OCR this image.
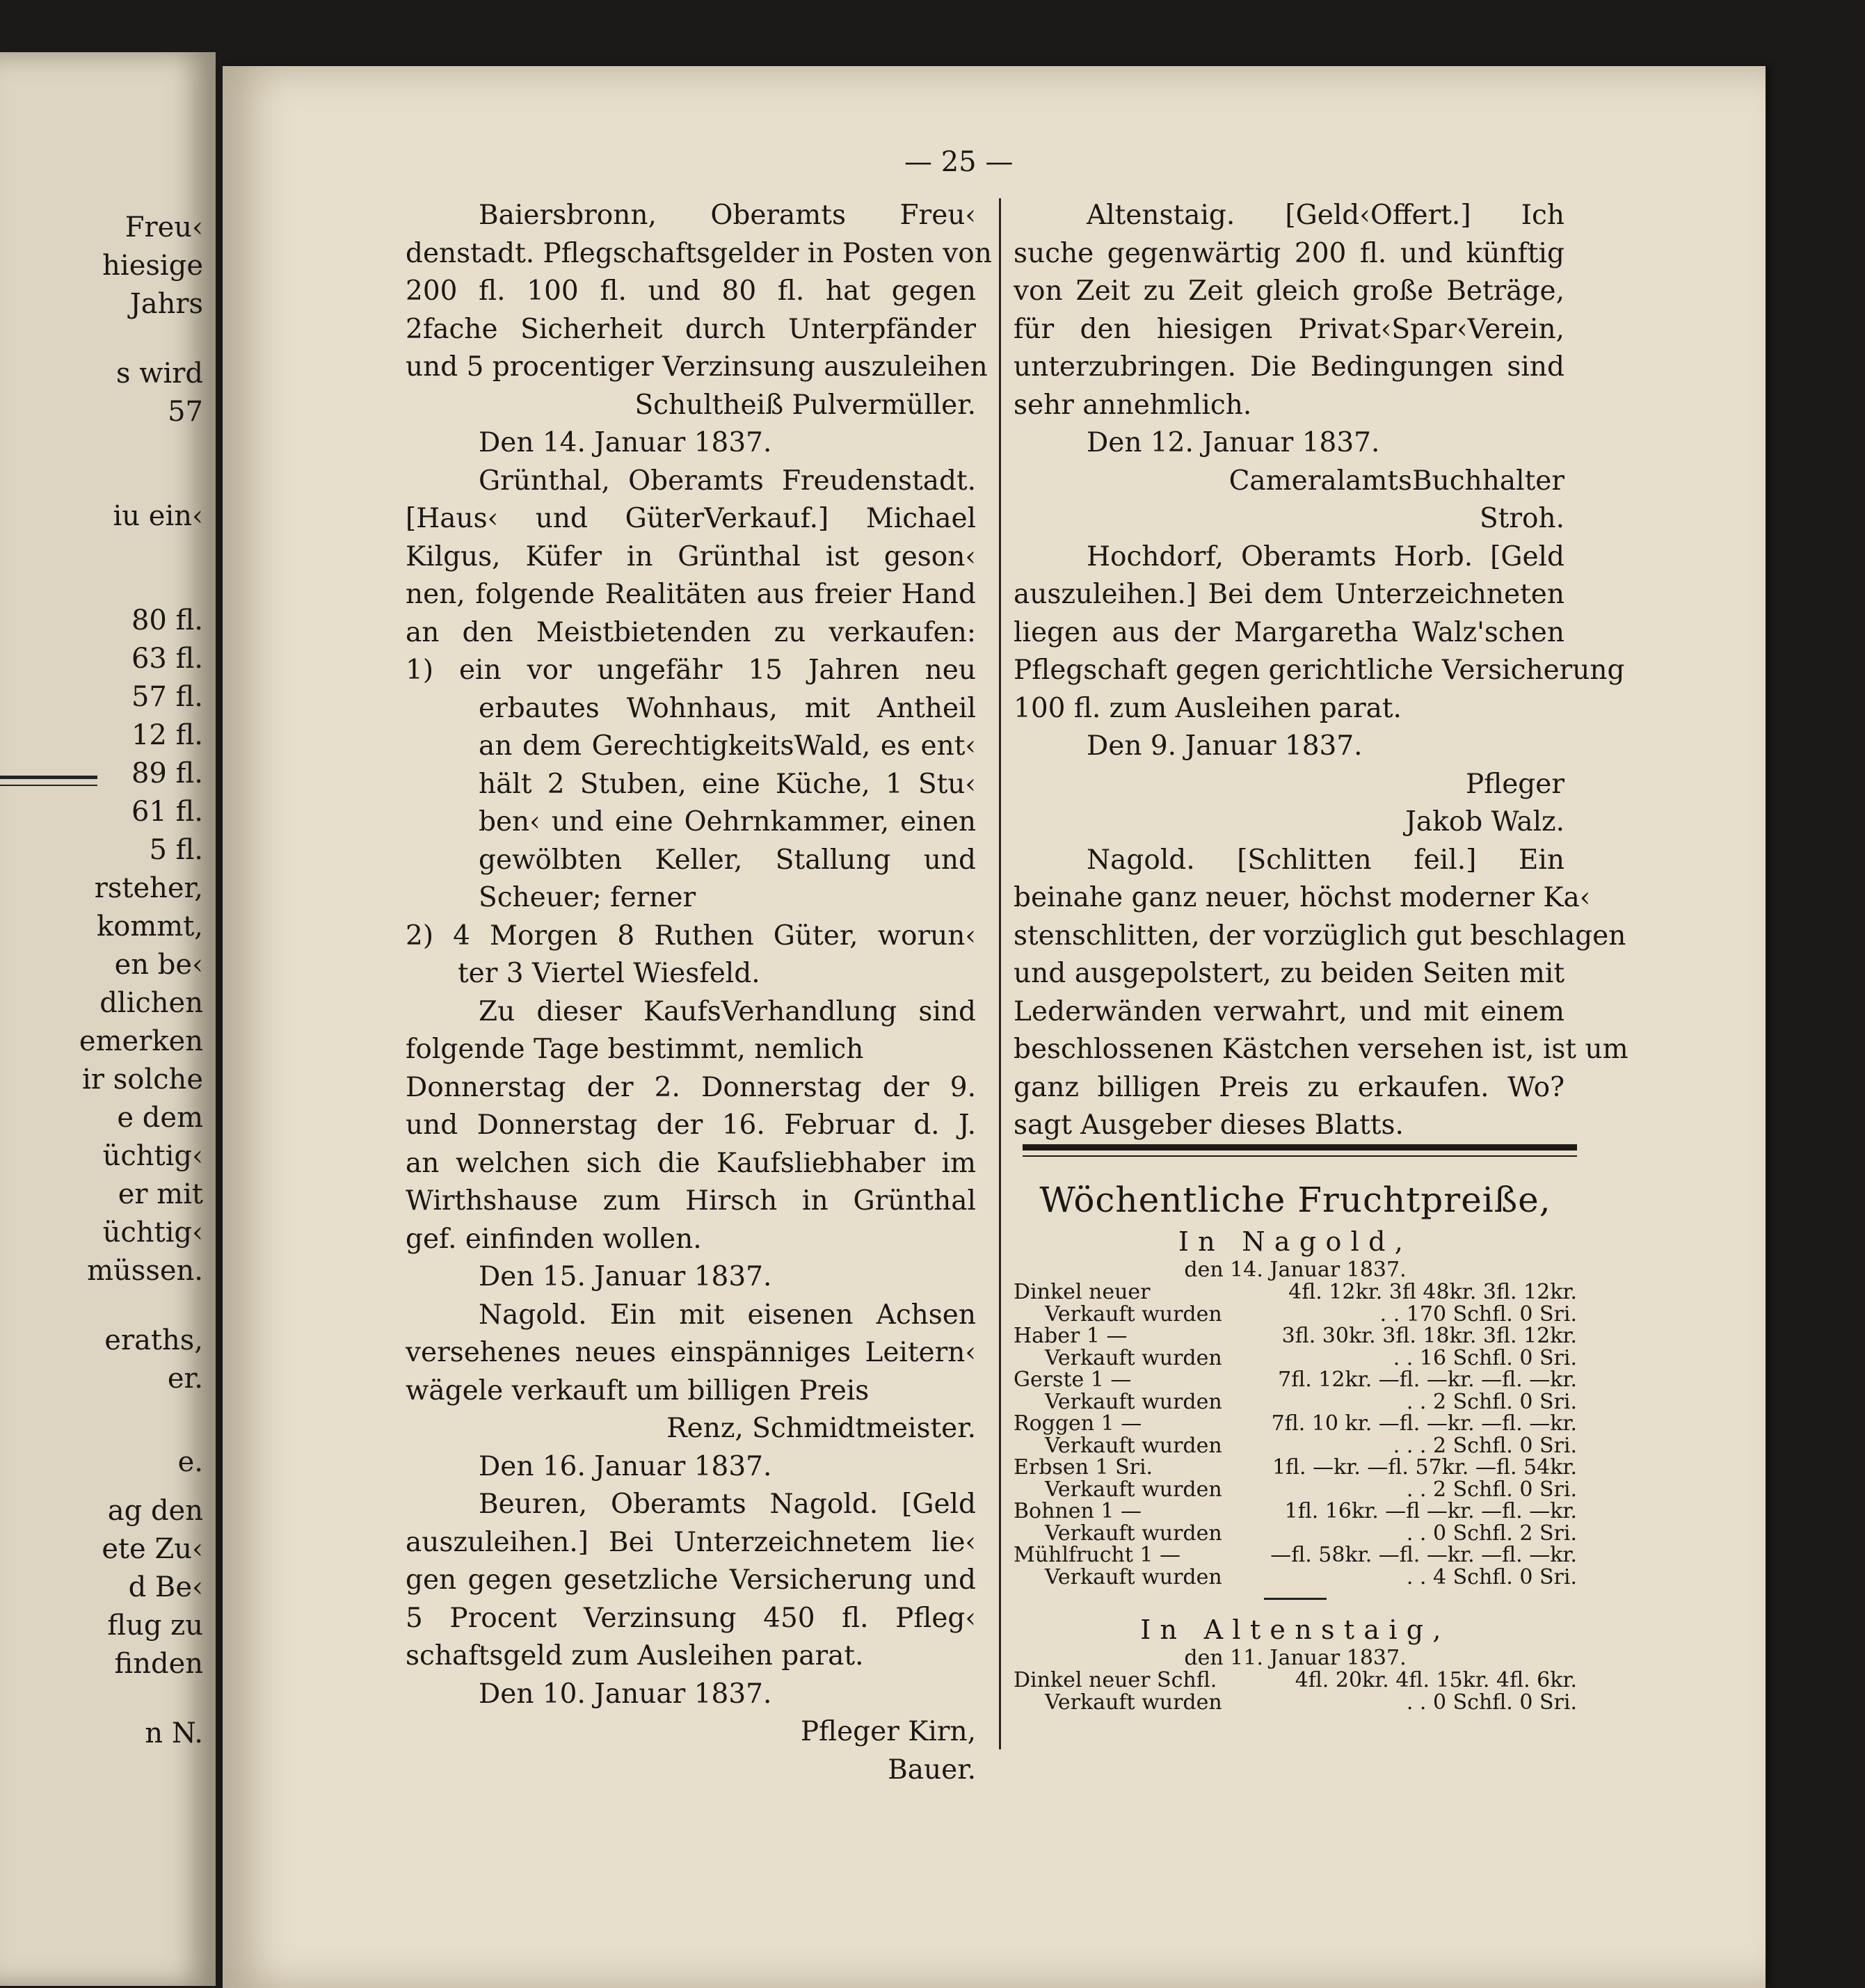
Freu‹
hiesige
Jahrs
s wird
57
iu ein‹
80 fl.
63 fl.
57 fl.
12 fl.
89 fl.
61 fl.
5 fl.
rsteher,
kommt,
en be‹
dlichen
emerken
ir solche
e dem
üchtig‹
er mit
üchtig‹
müssen.
eraths,
er.
e.
ag den
ete Zu‹
d Be‹
flug zu
finden
n N.
— 25 —
Baiersbronn, Oberamts Freu‹
denstadt. Pflegschaftsgelder in Posten von
200 fl. 100 fl. und 80 fl. hat gegen
2fache Sicherheit durch Unterpfänder
und 5 procentiger Verzinsung auszuleihen
Schultheiß Pulvermüller.
Den 14. Januar 1837.
Grünthal, Oberamts Freudenstadt.
[Haus‹ und GüterVerkauf.] Michael
Kilgus, Küfer in Grünthal ist geson‹
nen, folgende Realitäten aus freier Hand
an den Meistbietenden zu verkaufen:
1) ein vor ungefähr 15 Jahren neu
erbautes Wohnhaus, mit Antheil
an dem GerechtigkeitsWald, es ent‹
hält 2 Stuben, eine Küche, 1 Stu‹
ben‹ und eine Oehrnkammer, einen
gewölbten Keller, Stallung und
Scheuer; ferner
2) 4 Morgen 8 Ruthen Güter, worun‹
ter 3 Viertel Wiesfeld.
Zu dieser KaufsVerhandlung sind
folgende Tage bestimmt, nemlich
Donnerstag der 2. Donnerstag der 9.
und Donnerstag der 16. Februar d. J.
an welchen sich die Kaufsliebhaber im
Wirthshause zum Hirsch in Grünthal
gef. einfinden wollen.
Den 15. Januar 1837.
Nagold. Ein mit eisenen Achsen
versehenes neues einspänniges Leitern‹
wägele verkauft um billigen Preis
Renz, Schmidtmeister.
Den 16. Januar 1837.
Beuren, Oberamts Nagold. [Geld
auszuleihen.] Bei Unterzeichnetem lie‹
gen gegen gesetzliche Versicherung und
5 Procent Verzinsung 450 fl. Pfleg‹
schaftsgeld zum Ausleihen parat.
Den 10. Januar 1837.
Pfleger Kirn,
Bauer.
Altenstaig. [Geld‹Offert.] Ich
suche gegenwärtig 200 fl. und künftig
von Zeit zu Zeit gleich große Beträge,
für den hiesigen Privat‹Spar‹Verein,
unterzubringen. Die Bedingungen sind
sehr annehmlich.
Den 12. Januar 1837.
CameralamtsBuchhalter
Stroh.
Hochdorf, Oberamts Horb. [Geld
auszuleihen.] Bei dem Unterzeichneten
liegen aus der Margaretha Walz'schen
Pflegschaft gegen gerichtliche Versicherung
100 fl. zum Ausleihen parat.
Den 9. Januar 1837.
Pfleger
Jakob Walz.
Nagold. [Schlitten feil.] Ein
beinahe ganz neuer, höchst moderner Ka‹
stenschlitten, der vorzüglich gut beschlagen
und ausgepolstert, zu beiden Seiten mit
Lederwänden verwahrt, und mit einem
beschlossenen Kästchen versehen ist, ist um
ganz billigen Preis zu erkaufen. Wo?
sagt Ausgeber dieses Blatts.
Wöchentliche Fruchtpreiße,
In Nagold,
den 14. Januar 1837.
Dinkel neuer	4fl. 12kr. 3fl 48kr. 3fl. 12kr.
Verkauft wurden	. . 170 Schfl. 0 Sri.
Haber 1 —	3fl. 30kr. 3fl. 18kr. 3fl. 12kr.
Verkauft wurden	. . 16 Schfl. 0 Sri.
Gerste 1 —	7fl. 12kr. —fl. —kr. —fl. —kr.
Verkauft wurden	. . 2 Schfl. 0 Sri.
Roggen 1 —	7fl. 10 kr. —fl. —kr. —fl. —kr.
Verkauft wurden	. . . 2 Schfl. 0 Sri.
Erbsen 1 Sri.	1fl. —kr. —fl. 57kr. —fl. 54kr.
Verkauft wurden	. . 2 Schfl. 0 Sri.
Bohnen 1 —	1fl. 16kr. —fl —kr. —fl. —kr.
Verkauft wurden	. . 0 Schfl. 2 Sri.
Mühlfrucht 1 —	—fl. 58kr. —fl. —kr. —fl. —kr.
Verkauft wurden	. . 4 Schfl. 0 Sri.
In Altenstaig,
den 11. Januar 1837.
Dinkel neuer Schfl.	4fl. 20kr. 4fl. 15kr. 4fl. 6kr.
Verkauft wurden	. . 0 Schfl. 0 Sri.
